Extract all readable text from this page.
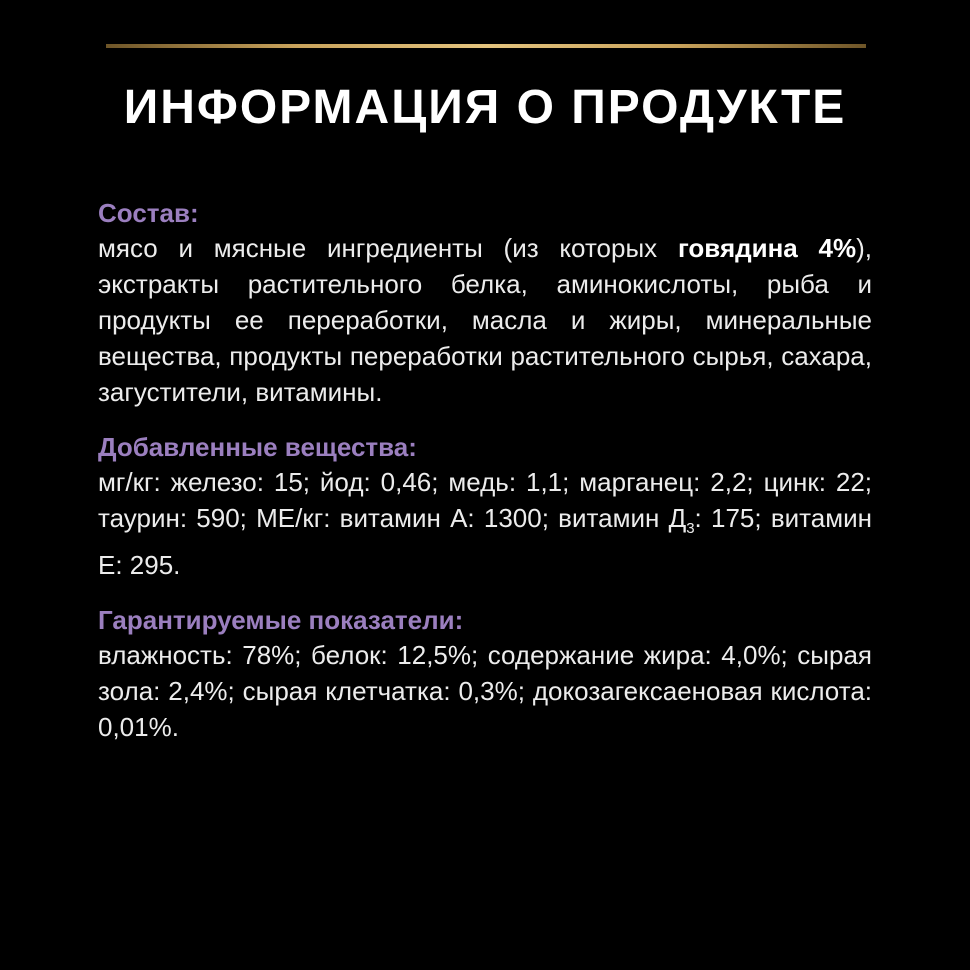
ИНФОРМАЦИЯ О ПРОДУКТЕ
Состав:
мясо и мясные ингредиенты (из которых говядина 4%), экстракты растительного белка, аминокислоты, рыба и продукты ее переработки, масла и жиры, минеральные вещества, продукты переработки растительного сырья, сахара, загустители, витамины.
Добавленные вещества:
мг/кг: железо: 15; йод: 0,46; медь: 1,1; марганец: 2,2; цинк: 22; таурин: 590; МЕ/кг: витамин А: 1300; витамин $Д_3$: 175; витамин Е: 295.
Гарантируемые показатели:
влажность: 78%; белок: 12,5%; содержание жира: 4,0%; сырая зола: 2,4%; сырая клетчатка: 0,3%; докозагексаеновая кислота: 0,01%.
